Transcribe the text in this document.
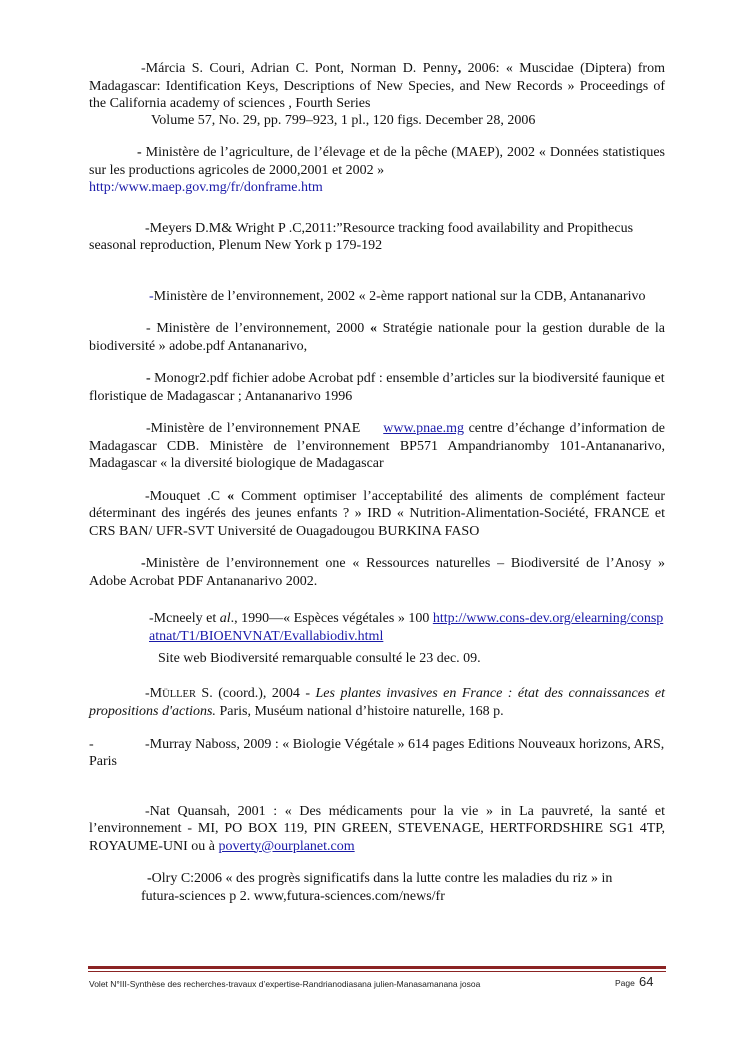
-Márcia S. Couri, Adrian C. Pont, Norman D. Penny, 2006: « Muscidae (Diptera) from Madagascar: Identification Keys, Descriptions of New Species, and New Records » Proceedings of the California academy of sciences , Fourth Series

Volume 57, No. 29, pp. 799–923, 1 pl., 120 figs. December 28, 2006

- Ministère de l’agriculture, de l’élevage et de la pêche (MAEP), 2002 « Données statistiques sur les productions agricoles de 2000,2001 et 2002 »
http:/www.maep.gov.mg/fr/donframe.htm

-Meyers D.M& Wright P .C,2011:”Resource tracking food availability and Propithecus seasonal reproduction, Plenum New York p 179-192

-Ministère de l’environnement, 2002 « 2-ème rapport national sur la CDB, Antananarivo

- Ministère de l’environnement, 2000 « Stratégie nationale pour la gestion durable de la biodiversité » adobe.pdf Antananarivo,

- Monogr2.pdf fichier adobe Acrobat pdf : ensemble d’articles sur la biodiversité faunique et floristique de Madagascar ; Antananarivo 1996

-Ministère de l’environnement PNAE     www.pnae.mg centre d’échange d’information de Madagascar CDB. Ministère de l’environnement BP571 Ampandrianomby 101-Antananarivo, Madagascar « la diversité biologique de Madagascar

-Mouquet .C « Comment optimiser l’acceptabilité des aliments de complément facteur déterminant des ingérés des jeunes enfants ? » IRD « Nutrition-Alimentation-Société, FRANCE et CRS BAN/ UFR-SVT Université de Ouagadougou BURKINA FASO

-Ministère de l’environnement one « Ressources naturelles – Biodiversité de l’Anosy » Adobe Acrobat PDF Antananarivo 2002.

-Mcneely et al., 1990—« Espèces végétales » 100 http://www.cons-dev.org/elearning/conspatnat/T1/BIOENVNAT/Evallabiodiv.html

Site web Biodiversité remarquable consulté le 23 dec. 09.

-MÜLLER S. (coord.), 2004 - Les plantes invasives en France : état des connaissances et propositions d'actions. Paris, Muséum national d’histoire naturelle, 168 p.

-	-Murray Naboss, 2009 : « Biologie Végétale » 614 pages Editions Nouveaux horizons, ARS, Paris

-Nat Quansah, 2001 : « Des médicaments pour la vie » in La pauvreté, la santé et l’environnement - MI, PO BOX 119, PIN GREEN, STEVENAGE, HERTFORDSHIRE SG1 4TP, ROYAUME-UNI ou à poverty@ourplanet.com

-Olry C:2006 « des progrès significatifs dans la lutte contre les maladies du riz » in

futura-sciences p 2. www,futura-sciences.com/news/fr

Volet N°III-Synthèse des recherches-travaux d’expertise-Randrianodiasana julien-Manasamanana josoa	Page 64
